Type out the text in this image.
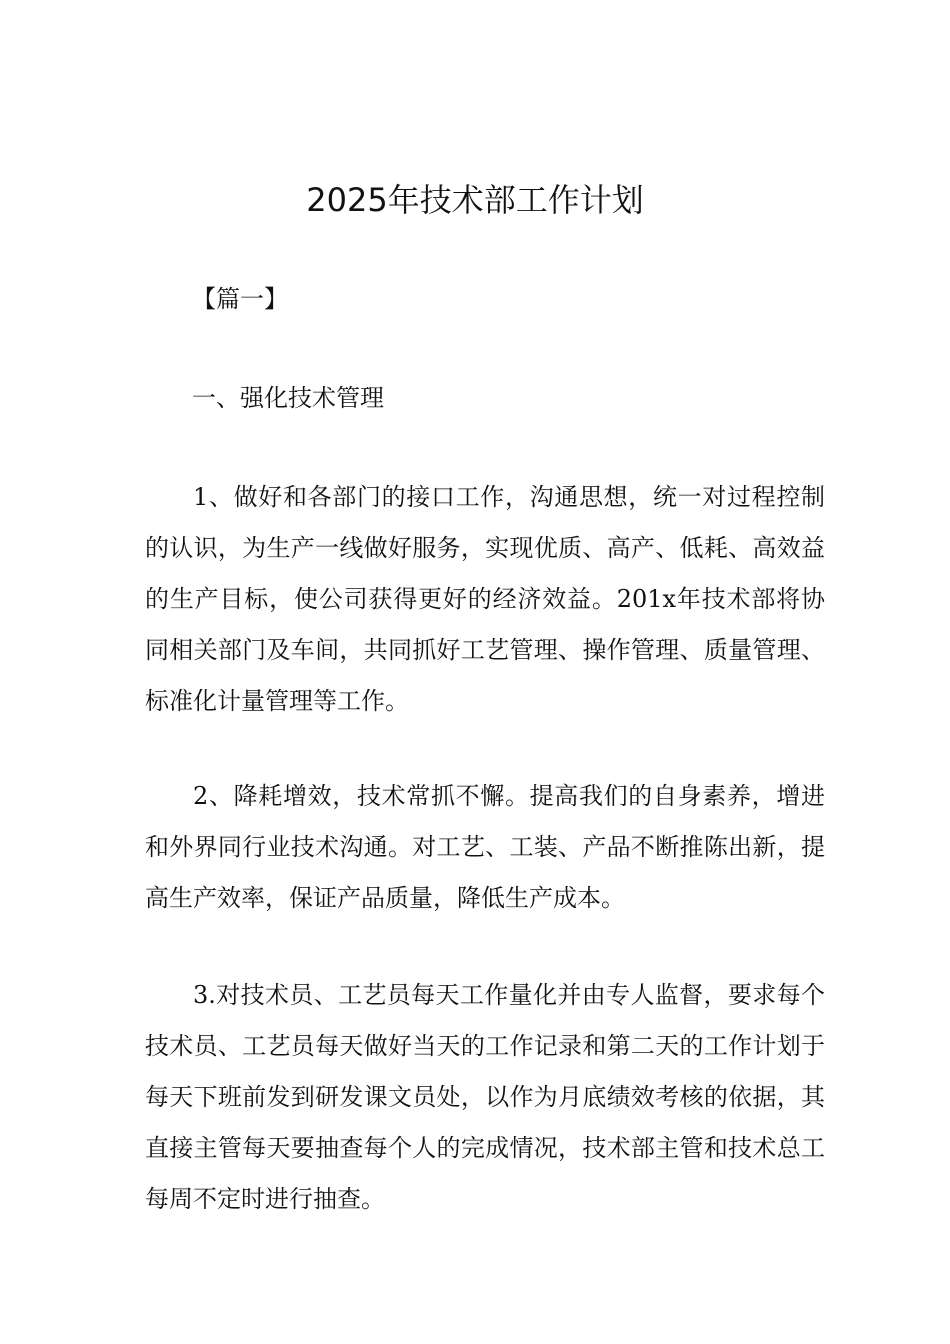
2025年技术部工作计划

【篇一】

一、强化技术管理

1、做好和各部门的接口工作，沟通思想，统一对过程控制的认识，为生产一线做好服务，实现优质、高产、低耗、高效益的生产目标，使公司获得更好的经济效益。201x年技术部将协同相关部门及车间，共同抓好工艺管理、操作管理、质量管理、标准化计量管理等工作。

2、降耗增效，技术常抓不懈。提高我们的自身素养，增进和外界同行业技术沟通。对工艺、工装、产品不断推陈出新，提高生产效率，保证产品质量，降低生产成本。

3.对技术员、工艺员每天工作量化并由专人监督，要求每个技术员、工艺员每天做好当天的工作记录和第二天的工作计划于每天下班前发到研发课文员处，以作为月底绩效考核的依据，其直接主管每天要抽查每个人的完成情况，技术部主管和技术总工每周不定时进行抽查。
